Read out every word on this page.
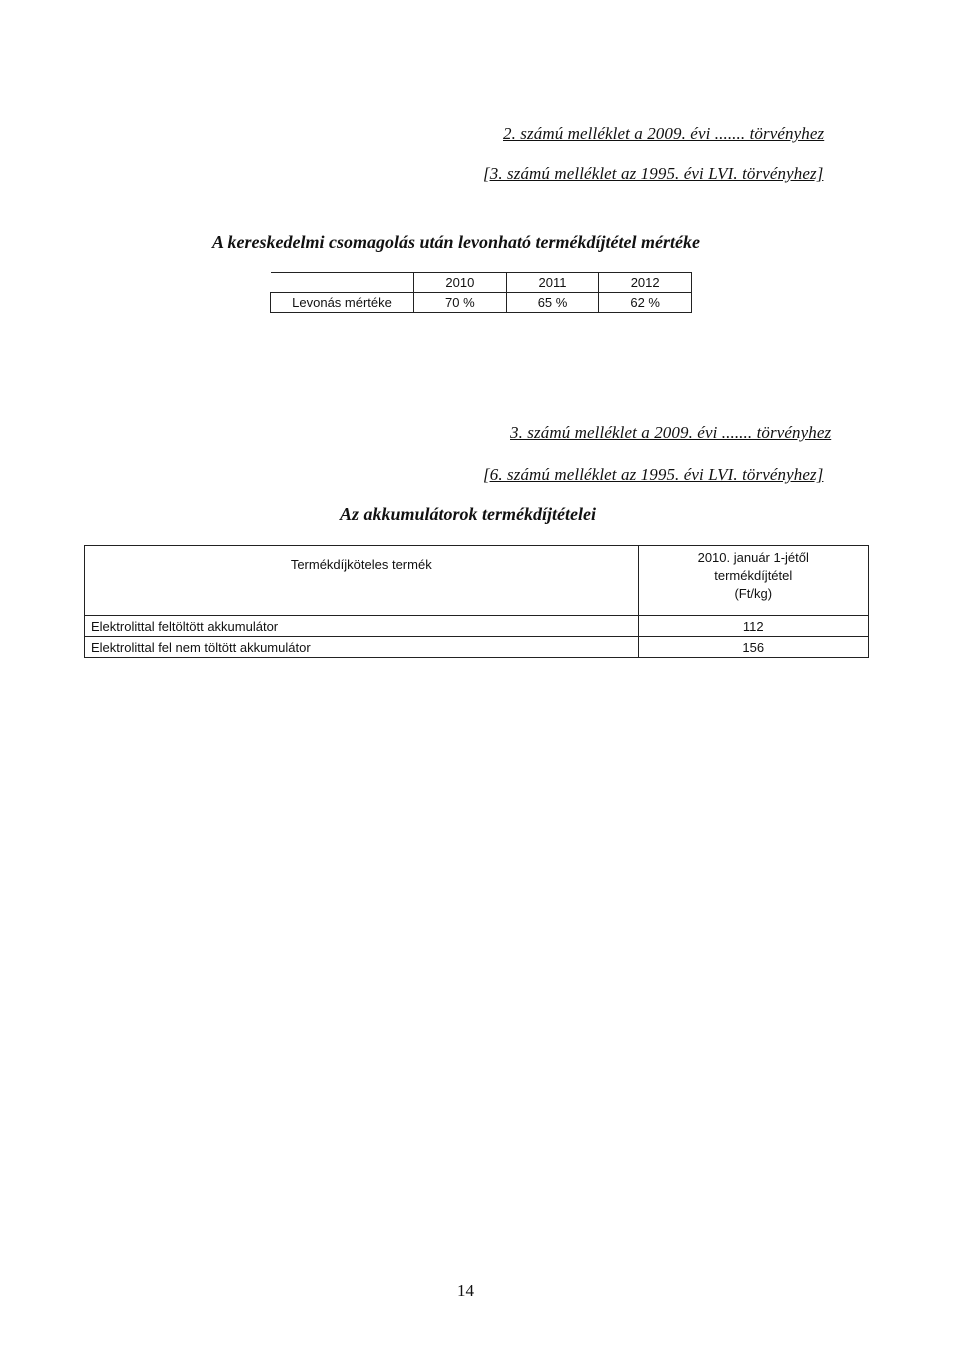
2. számú melléklet a 2009. évi ....... törvényhez
[3. számú melléklet az 1995. évi LVI. törvényhez]
A kereskedelmi csomagolás után levonható termékdíjtétel mértéke
	2010	2011	2012
Levonás mértéke	70 %	65 %	62 %
3. számú melléklet a 2009. évi ....... törvényhez
[6. számú melléklet az 1995. évi LVI. törvényhez]
Az akkumulátorok termékdíjtételei
Termékdíjköteles termék	2010. január 1-jétől
termékdíjtétel
(Ft/kg)

Elektrolittal feltöltött akkumulátor	112
Elektrolittal fel nem töltött akkumulátor	156
14
